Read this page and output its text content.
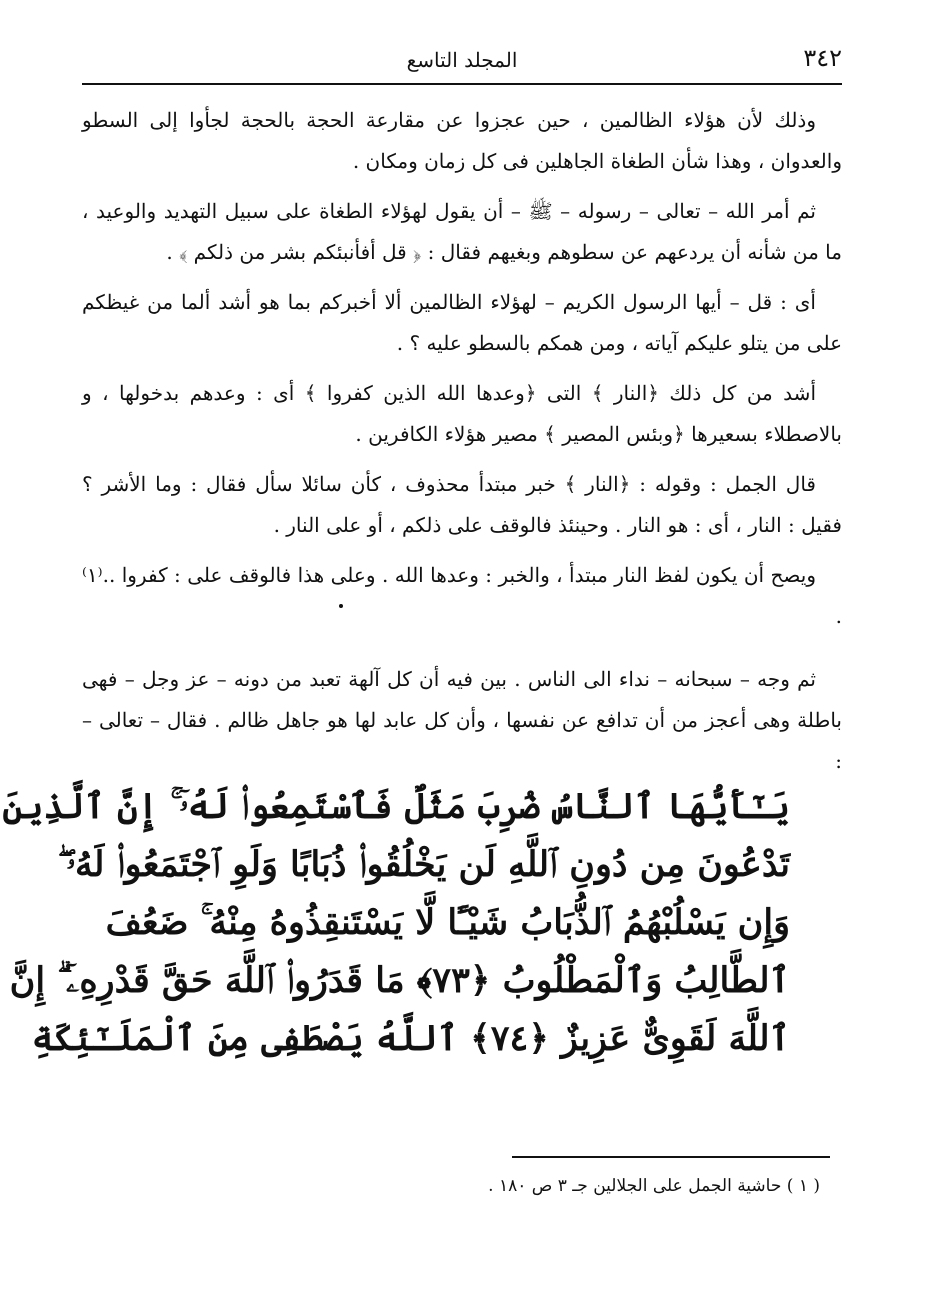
٣٤٢
المجلد التاسع

وذلك لأن هؤلاء الظالمين ، حين عجزوا عن مقارعة الحجة بالحجة لجأوا إلى السطو والعدوان ، وهذا شأن الطغاة الجاهلين فى كل زمان ومكان .

ثم أمر الله – تعالى – رسوله – ﷺ – أن يقول لهؤلاء الطغاة على سبيل التهديد والوعيد ، ما من شأنه أن يردعهم عن سطوهم وبغيهم فقال : ﴿ قل أفأنبئكم بشر من ذلكم ﴾ .

أى : قل – أيها الرسول الكريم – لهؤلاء الظالمين ألا أخبركم بما هو أشد ألما من غيظكم على من يتلو عليكم آياته ، ومن همكم بالسطو عليه ؟ .

أشد من كل ذلك ﴿النار ﴾ التى ﴿وعدها الله الذين كفروا ﴾ أى : وعدهم بدخولها ، و بالاصطلاء بسعيرها ﴿وبئس المصير ﴾ مصير هؤلاء الكافرين .

قال الجمل : وقوله : ﴿النار ﴾ خبر مبتدأ محذوف ، كأن سائلا سأل فقال : وما الأشر ؟ فقيل : النار ، أى : هو النار . وحينئذ فالوقف على ذلكم ، أو على النار .

ويصح أن يكون لفظ النار مبتدأ ، والخبر : وعدها الله . وعلى هذا فالوقف على : كفروا ..⁽١⁾ .

ثم وجه – سبحانه – نداء الى الناس . بين فيه أن كل آلهة تعبد من دونه – عز وجل – فهى باطلة وهى أعجز من أن تدافع عن نفسها ، وأن كل عابد لها هو جاهل ظالم . فقال – تعالى – :

يَـٰٓأَيُّهَا ٱلنَّاسُ ضُرِبَ مَثَلٌ فَٱسْتَمِعُوا۟ لَهُۥٓ ۚ إِنَّ ٱلَّذِينَ
تَدْعُونَ مِن دُونِ ٱللَّهِ لَن يَخْلُقُوا۟ ذُبَابًا وَلَوِ ٱجْتَمَعُوا۟ لَهُۥ ۖ
وَإِن يَسْلُبْهُمُ ٱلذُّبَابُ شَيْـًٔا لَّا يَسْتَنقِذُوهُ مِنْهُ ۚ ضَعُفَ
ٱلطَّالِبُ وَٱلْمَطْلُوبُ ﴿٧٣﴾ مَا قَدَرُوا۟ ٱللَّهَ حَقَّ قَدْرِهِۦٓ ۗ إِنَّ
ٱللَّهَ لَقَوِىٌّ عَزِيزٌ ﴿٧٤﴾ ٱللَّهُ يَصْطَفِى مِنَ ٱلْمَلَـٰٓئِكَةِ
( ١ ) حاشية الجمل على الجلالين جـ ٣ ص ١٨٠ .
